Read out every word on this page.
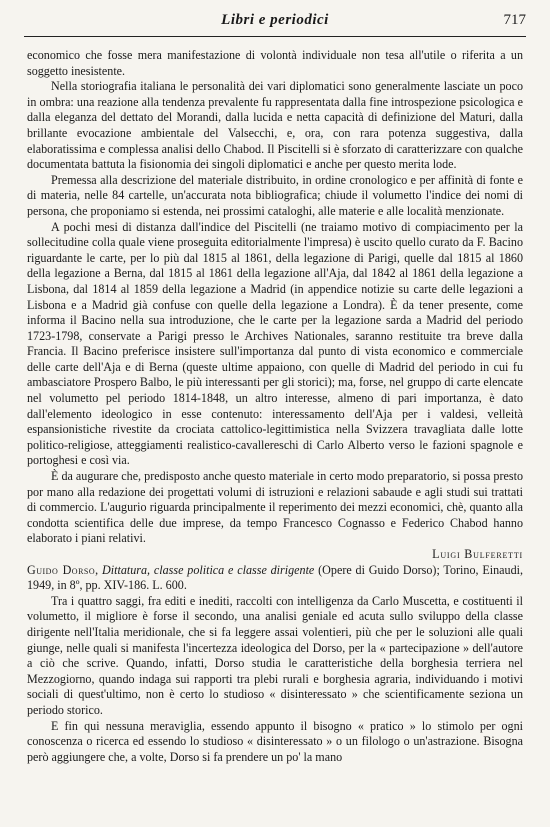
Libri e periodici	717

economico che fosse mera manifestazione di volontà individuale non tesa all'utile o riferita a un soggetto inesistente.

Nella storiografia italiana le personalità dei vari diplomatici sono generalmente lasciate un poco in ombra: una reazione alla tendenza prevalente fu rappresentata dalla fine introspezione psicologica e dalla eleganza del dettato del Morandi, dalla lucida e netta capacità di definizione del Maturi, dalla brillante evocazione ambientale del Valsecchi, e, ora, con rara potenza suggestiva, dalla elaboratissima e complessa analisi dello Chabod. Il Piscitelli si è sforzato di caratterizzare con qualche documentata battuta la fisionomia dei singoli diplomatici e anche per questo merita lode.

Premessa alla descrizione del materiale distribuito, in ordine cronologico e per affinità di fonte e di materia, nelle 84 cartelle, un'accurata nota bibliografica; chiude il volumetto l'indice dei nomi di persona, che proponiamo si estenda, nei prossimi cataloghi, alle materie e alle località menzionate.

A pochi mesi di distanza dall'indice del Piscitelli (ne traiamo motivo di compiacimento per la sollecitudine colla quale viene proseguita editorialmente l'impresa) è uscito quello curato da F. Bacino riguardante le carte, per lo più dal 1815 al 1861, della legazione di Parigi, quelle dal 1815 al 1860 della legazione a Berna, dal 1815 al 1861 della legazione all'Aja, dal 1842 al 1861 della legazione a Lisbona, dal 1814 al 1859 della legazione a Madrid (in appendice notizie su carte delle legazioni a Lisbona e a Madrid già confuse con quelle della legazione a Londra). È da tener presente, come informa il Bacino nella sua introduzione, che le carte per la legazione sarda a Madrid del periodo 1723-1798, conservate a Parigi presso le Archives Nationales, saranno restituite tra breve dalla Francia. Il Bacino preferisce insistere sull'importanza dal punto di vista economico e commerciale delle carte dell'Aja e di Berna (queste ultime appaiono, con quelle di Madrid del periodo in cui fu ambasciatore Prospero Balbo, le più interessanti per gli storici); ma, forse, nel gruppo di carte elencate nel volumetto pel periodo 1814-1848, un altro interesse, almeno di pari importanza, è dato dall'elemento ideologico in esse contenuto: interessamento dell'Aja per i valdesi, velleità espansionistiche rivestite da crociata cattolico-legittimistica nella Svizzera travagliata dalle lotte politico-religiose, atteggiamenti realistico-cavallereschi di Carlo Alberto verso le fazioni spagnole e portoghesi e così via.

È da augurare che, predisposto anche questo materiale in certo modo preparatorio, si possa presto por mano alla redazione dei progettati volumi di istruzioni e relazioni sabaude e agli studi sui trattati di commercio. L'augurio riguarda principalmente il reperimento dei mezzi economici, chè, quanto alla condotta scientifica delle due imprese, da tempo Francesco Cognasso e Federico Chabod hanno elaborato i piani relativi.

Luigi Bulferetti

Guido Dorso, Dittatura, classe politica e classe dirigente (Opere di Guido Dorso); Torino, Einaudi, 1949, in 8º, pp. XIV-186. L. 600.

Tra i quattro saggi, fra editi e inediti, raccolti con intelligenza da Carlo Muscetta, e costituenti il volumetto, il migliore è forse il secondo, una analisi geniale ed acuta sullo sviluppo della classe dirigente nell'Italia meridionale, che si fa leggere assai volentieri, più che per le soluzioni alle quali giunge, nelle quali si manifesta l'incertezza ideologica del Dorso, per la « partecipazione » dell'autore a ciò che scrive. Quando, infatti, Dorso studia le caratteristiche della borghesia terriera nel Mezzogiorno, quando indaga sui rapporti tra plebi rurali e borghesia agraria, individuando i motivi sociali di quest'ultimo, non è certo lo studioso « disinteressato » che scientificamente seziona un periodo storico.

E fin qui nessuna meraviglia, essendo appunto il bisogno « pratico » lo stimolo per ogni conoscenza o ricerca ed essendo lo studioso « disinteressato » o un filologo o un'astrazione. Bisogna però aggiungere che, a volte, Dorso si fa prendere un po' la mano
